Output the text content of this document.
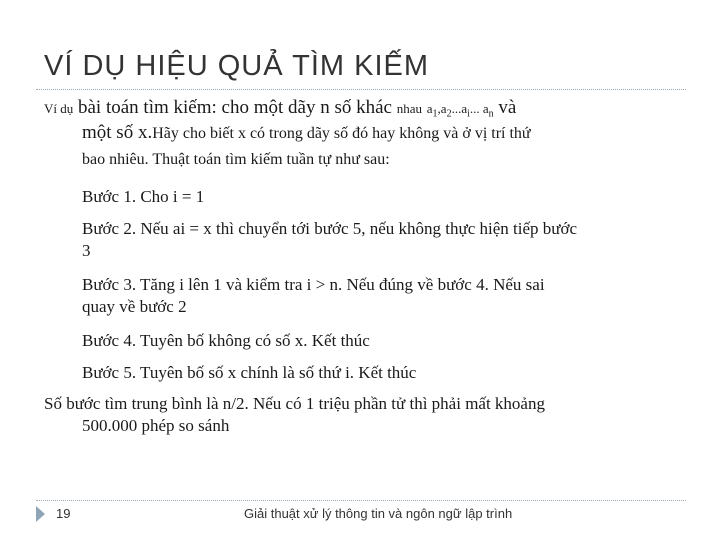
VÍ DỤ HIỆU QUẢ TÌM KIẾM
Ví dụ bài toán tìm kiếm: cho một dãy n số khác nhau $a_1,a_2...a_i$... $a_n$ và
một số x.Hãy cho biết x có trong dãy số đó hay không và ở vị trí thứ
bao nhiêu. Thuật toán tìm kiếm tuần tự như sau:
Bước 1. Cho i = 1
Bước 2. Nếu ai = x thì chuyển tới bước 5, nếu không thực hiện tiếp bước
3
Bước 3. Tăng i lên 1 và kiểm tra i > n. Nếu đúng về bước 4. Nếu sai
quay về bước 2
Bước 4. Tuyên bố không có số x. Kết thúc
Bước 5. Tuyên bố số x chính là số thứ i. Kết thúc
Số bước tìm trung bình là n/2. Nếu có 1 triệu phần tử thì phải mất khoảng
500.000 phép so sánh
19	Giải thuật xử lý thông tin và ngôn ngữ lập trình
